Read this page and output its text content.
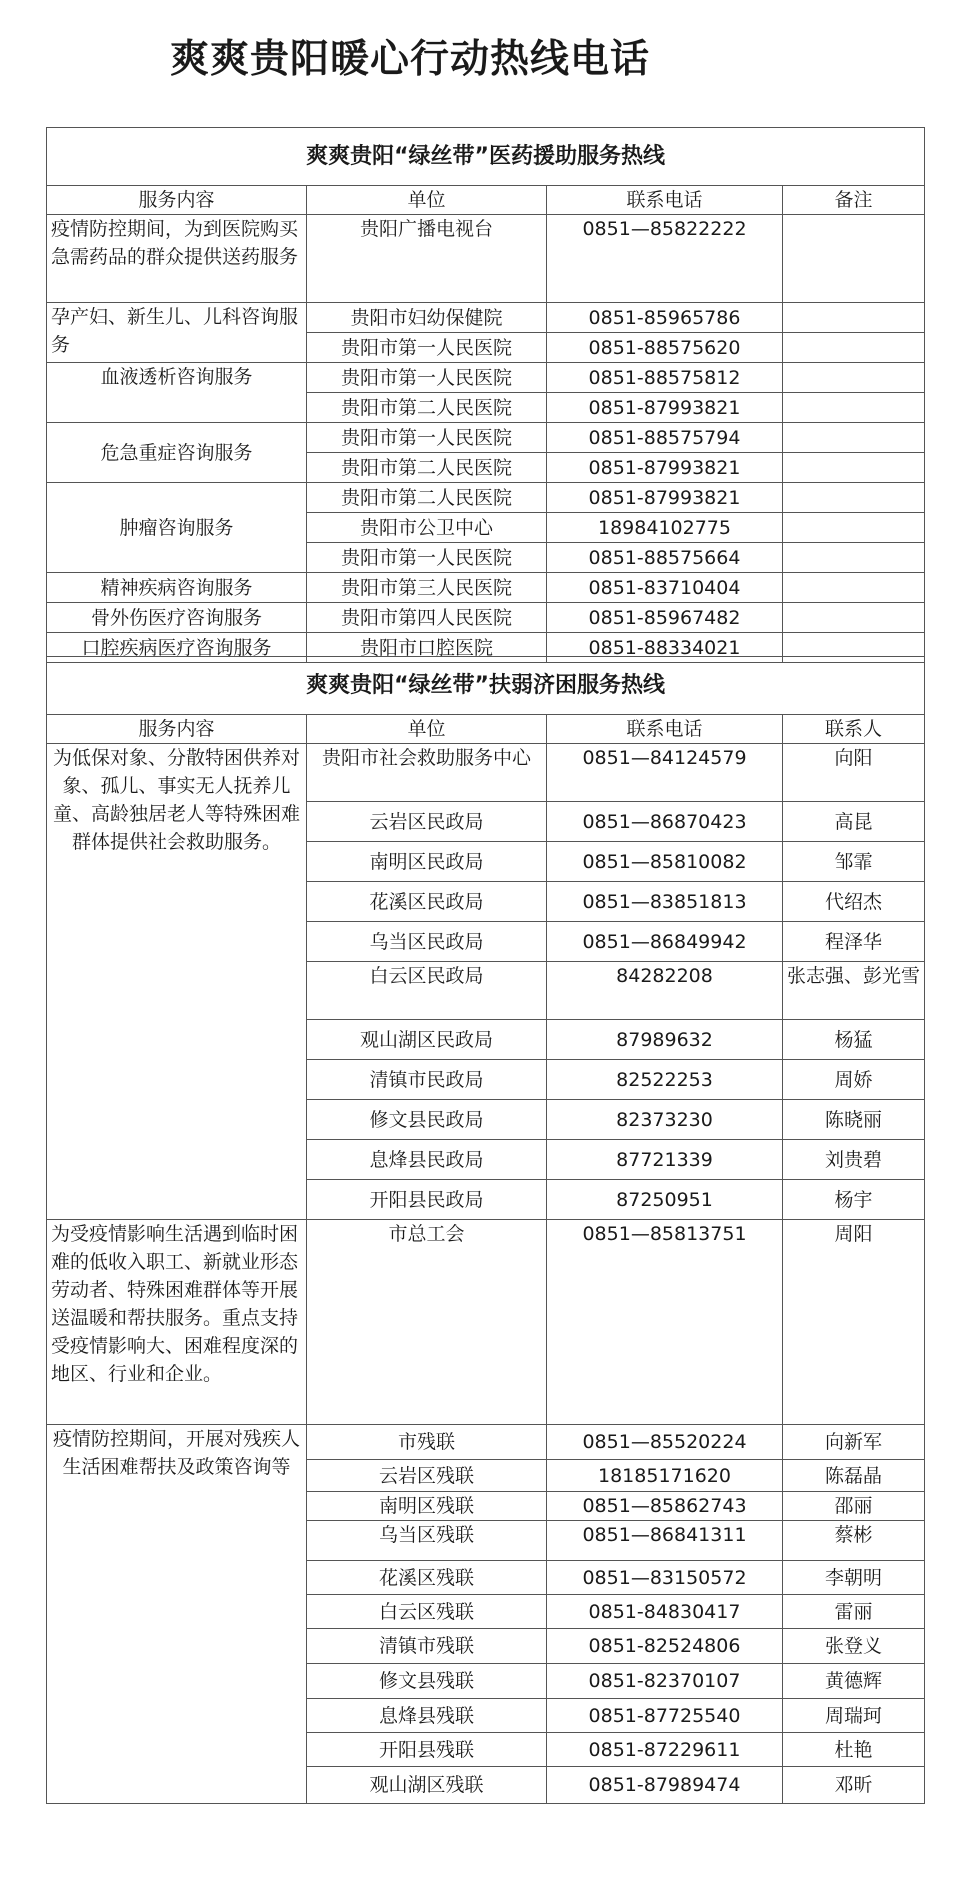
爽爽贵阳暖心行动热线电话
爽爽贵阳“绿丝带”医药援助服务热线			
服务内容	单位	联系电话	备注
疫情防控期间，为到医院购买急需药品的群众提供送药服务	贵阳广播电视台	0851—85822222	
孕产妇、新生儿、儿科咨询服务	贵阳市妇幼保健院	0851-85965786	
	贵阳市第一人民医院	0851-88575620	
血液透析咨询服务	贵阳市第一人民医院	0851-88575812	
	贵阳市第二人民医院	0851-87993821	
危急重症咨询服务	贵阳市第一人民医院	0851-88575794	
	贵阳市第二人民医院	0851-87993821	
肿瘤咨询服务	贵阳市第二人民医院	0851-87993821	
	贵阳市公卫中心	18984102775	
	贵阳市第一人民医院	0851-88575664	
精神疾病咨询服务	贵阳市第三人民医院	0851-83710404	
骨外伤医疗咨询服务	贵阳市第四人民医院	0851-85967482	
口腔疾病医疗咨询服务	贵阳市口腔医院	0851-88334021	
爽爽贵阳“绿丝带”扶弱济困服务热线			
服务内容	单位	联系电话	联系人
为低保对象、分散特困供养对象、孤儿、事实无人抚养儿童、高龄独居老人等特殊困难群体提供社会救助服务。	贵阳市社会救助服务中心	0851—84124579	向阳
	云岩区民政局	0851—86870423	高昆
	南明区民政局	0851—85810082	邹霏
	花溪区民政局	0851—83851813	代绍杰
	乌当区民政局	0851—86849942	程泽华
	白云区民政局	84282208	张志强、彭光雪
	观山湖区民政局	87989632	杨猛
	清镇市民政局	82522253	周娇
	修文县民政局	82373230	陈晓丽
	息烽县民政局	87721339	刘贵碧
	开阳县民政局	87250951	杨宇
为受疫情影响生活遇到临时困难的低收入职工、新就业形态劳动者、特殊困难群体等开展送温暖和帮扶服务。重点支持受疫情影响大、困难程度深的地区、行业和企业。	市总工会	0851—85813751	周阳
疫情防控期间，开展对残疾人生活困难帮扶及政策咨询等	市残联	0851—85520224	向新军
	云岩区残联	18185171620	陈磊晶
	南明区残联	0851—85862743	邵丽
	乌当区残联	0851—86841311	蔡彬
	花溪区残联	0851—83150572	李朝明
	白云区残联	0851-84830417	雷丽
	清镇市残联	0851-82524806	张登义
	修文县残联	0851-82370107	黄德辉
	息烽县残联	0851-87725540	周瑞珂
	开阳县残联	0851-87229611	杜艳
	观山湖区残联	0851-87989474	邓昕
